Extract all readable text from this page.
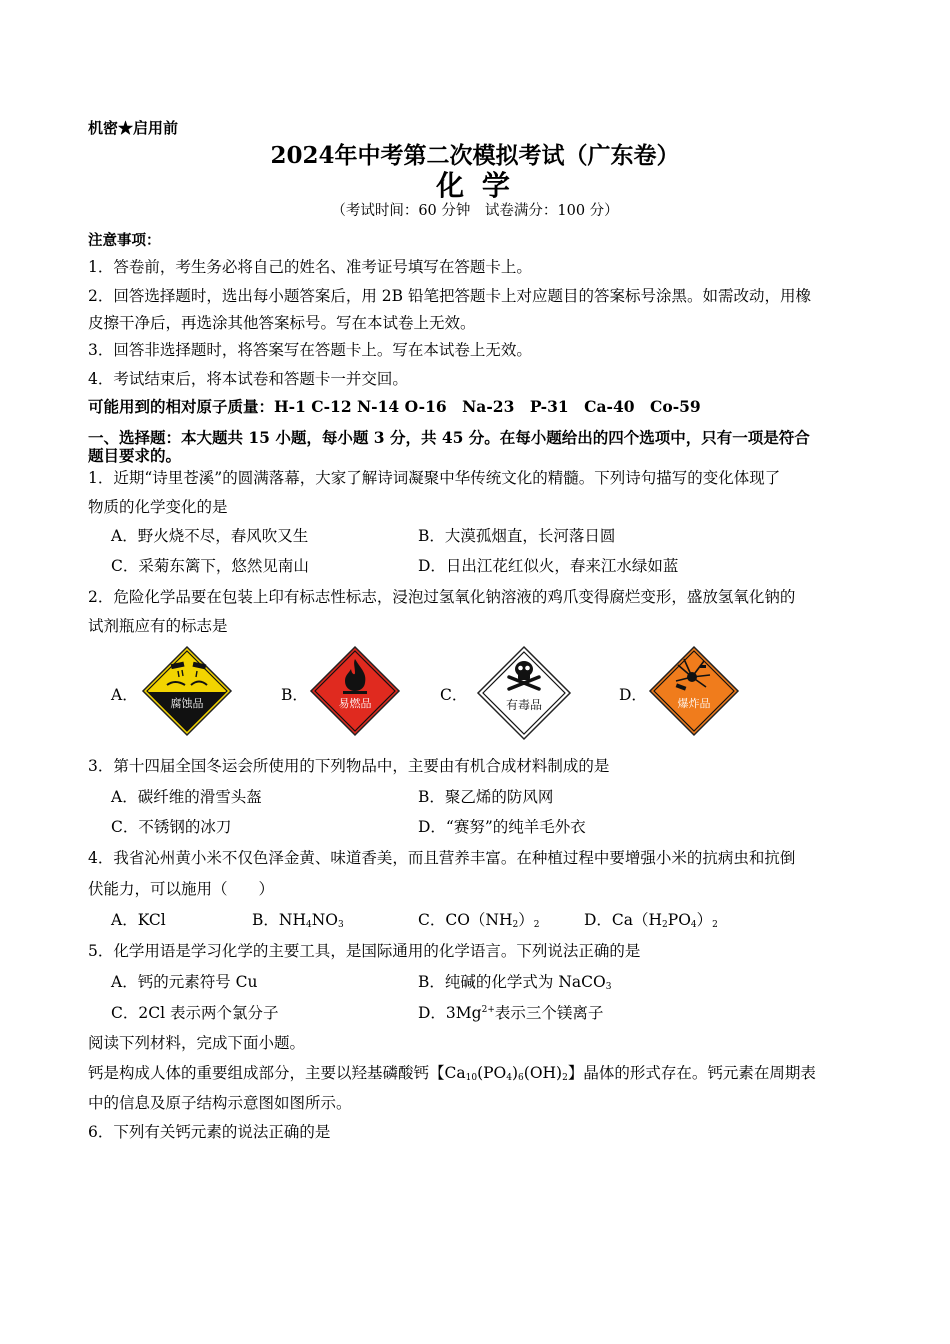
机密★启用前
2024年中考第二次模拟考试（广东卷）
化 学
（考试时间：60 分钟　试卷满分：100 分）
注意事项：
1．答卷前，考生务必将自己的姓名、准考证号填写在答题卡上。
2．回答选择题时，选出每小题答案后，用 2B 铅笔把答题卡上对应题目的答案标号涂黑。如需改动，用橡
皮擦干净后，再选涂其他答案标号。写在本试卷上无效。
3．回答非选择题时，将答案写在答题卡上。写在本试卷上无效。
4．考试结束后，将本试卷和答题卡一并交回。
可能用到的相对原子质量：H-1 C-12 N-14 O-16　Na-23　P-31　Ca-40　Co-59
一、选择题：本大题共 15 小题，每小题 3 分，共 45 分。在每小题给出的四个选项中，只有一项是符合
题目要求的。
1．近期“诗里苍溪”的圆满落幕，大家了解诗词凝聚中华传统文化的精髓。下列诗句描写的变化体现了
物质的化学变化的是
A．野火烧不尽，春风吹又生	B．大漠孤烟直，长河落日圆
C．采菊东篱下，悠然见南山	D．日出江花红似火，春来江水绿如蓝
2．危险化学品要在包装上印有标志性标志，浸泡过氢氧化钠溶液的鸡爪变得腐烂变形，盛放氢氧化钠的
试剂瓶应有的标志是
A．	B．	C．	D．
腐蚀品	易燃品	有毒品	爆炸品
3．第十四届全国冬运会所使用的下列物品中，主要由有机合成材料制成的是
A．碳纤维的滑雪头盔	B．聚乙烯的防风网
C．不锈钢的冰刀	D．“赛努”的纯羊毛外衣
4．我省沁州黄小米不仅色泽金黄、味道香美，而且营养丰富。在种植过程中要增强小米的抗病虫和抗倒
伏能力，可以施用（　　）
A．KCl	B．$NH_4NO_3$	C．$CO(NH_2)_2$	D．$Ca(H_2PO_4)_2$
5．化学用语是学习化学的主要工具，是国际通用的化学语言。下列说法正确的是
A．钙的元素符号 Cu	B．纯碱的化学式为 NaCO$_3$
C．2Cl 表示两个氯分子	D．$3Mg^{2+}$表示三个镁离子
阅读下列材料，完成下面小题。
钙是构成人体的重要组成部分，主要以羟基磷酸钙【$Ca_{10}(PO_4)_6(OH)_2$】晶体的形式存在。钙元素在周期表
中的信息及原子结构示意图如图所示。
6．下列有关钙元素的说法正确的是
